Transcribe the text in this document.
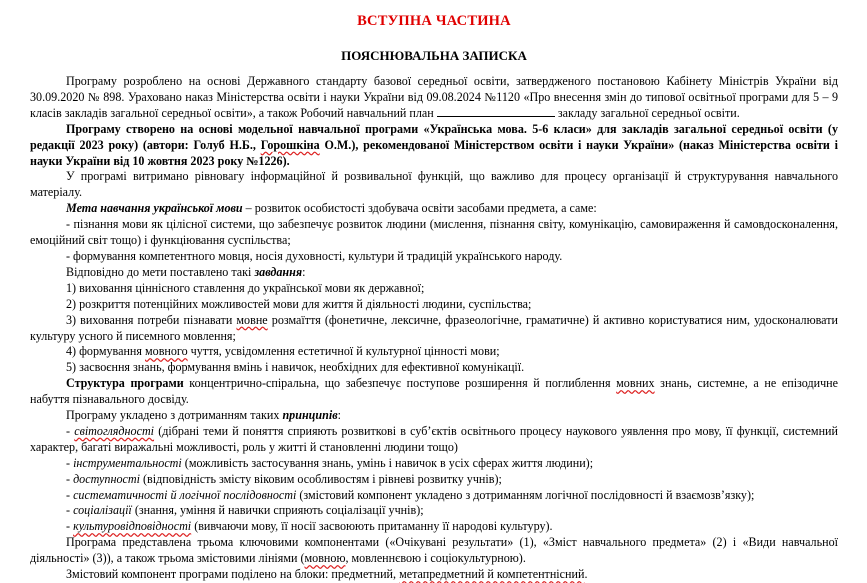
ВСТУПНА ЧАСТИНА
ПОЯСНЮВАЛЬНА ЗАПИСКА

Програму розроблено на основі Державного стандарту базової середньої освіти, затвердженого постановою Кабінету Міністрів України від 30.09.2020 № 898. Ураховано наказ Міністерства освіти і науки України від 09.08.2024 №1120 «Про внесення змін до типової освітньої програми для 5 – 9 класів закладів загальної середньої освіти», а також Робочий навчальний план	закладу загальної середньої освіти.

Програму створено на основі модельної навчальної програми «Українська мова. 5-6 класи» для закладів загальної середньої освіти (у редакції 2023 року) (автори: Голуб Н.Б., Горошкіна О.М.), рекомендованої Міністерством освіти і науки України» (наказ Міністерства освіти і науки України від 10 жовтня 2023 року №1226).

У програмі витримано рівновагу інформаційної й розвивальної функцій, що важливо для процесу організації й структурування навчального матеріалу.

Мета навчання української мови – розвиток особистості здобувача освіти засобами предмета, а саме:

- пізнання мови як цілісної системи, що забезпечує розвиток людини (мислення, пізнання світу, комунікацію, самовираження й самовдосконалення, емоційний світ тощо) і функціювання суспільства;

- формування компетентного мовця, носія духовності, культури й традицій українського народу.

Відповідно до мети поставлено такі завдання:

1) виховання ціннісного ставлення до української мови як державної;

2) розкриття потенційних можливостей мови для життя й діяльності людини, суспільства;

3) виховання потреби пізнавати мовне розмаїття (фонетичне, лексичне, фразеологічне, граматичне) й активно користуватися ним, удосконалювати культуру усного й писемного мовлення;

4) формування мовного чуття, усвідомлення естетичної й культурної цінності мови;

5) засвоєння знань, формування вмінь і навичок, необхідних для ефективної комунікації.

Структура програми концентрично-спіральна, що забезпечує поступове розширення й поглиблення мовних знань, системне, а не епізодичне набуття пізнавального досвіду.

Програму укладено з дотриманням таких принципів:

- світоглядності (дібрані теми й поняття сприяють розвиткові в суб’єктів освітнього процесу наукового уявлення про мову, її функції, системний характер, багаті виражальні можливості, роль у житті й становленні людини тощо)

- інструментальності (можливість застосування знань, умінь і навичок в усіх сферах життя людини);

- доступності (відповідність змісту віковим особливостям і рівневі розвитку учнів);

- систематичності й логічної послідовності (змістовий компонент укладено з дотриманням логічної послідовності й взаємозв’язку);

- соціалізації (знання, уміння й навички сприяють соціалізації учнів);

- культуровідповідності (вивчаючи мову, її носії засвоюють притаманну її народові культуру).

Програма представлена трьома ключовими компонентами («Очікувані результати» (1), «Зміст навчального предмета» (2) і «Види навчальної діяльності» (3)), а також трьома змістовими лініями (мовною, мовленнєвою і соціокультурною).

Змістовий компонент програми поділено на блоки: предметний, метапредметний й компетентнісний.
